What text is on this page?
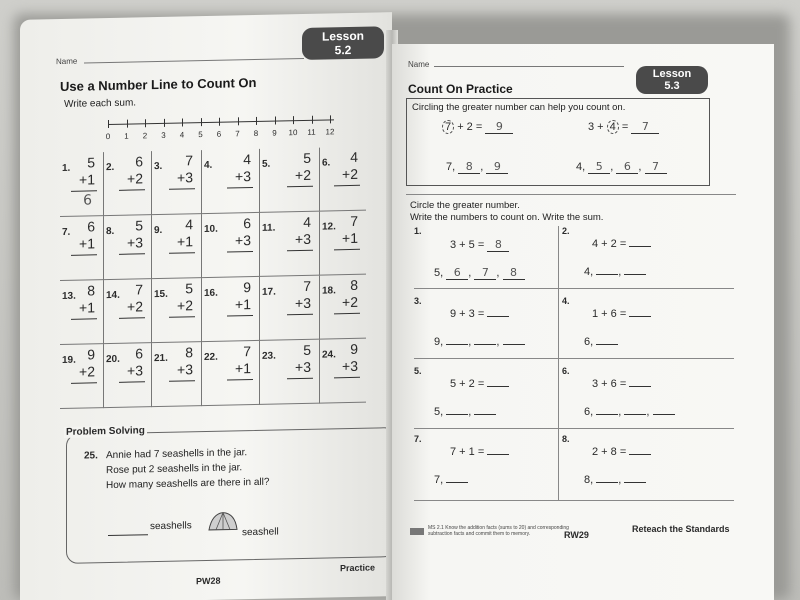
Name
Lesson 5.2
Use a Number Line to Count On
Write each sum.
0	1	2	3	4	5	6	7	8	9	10 11 12
1. 5
+1
6
2. 6
+2
3. 7
+3
4. 4
+3
5. 5
+2
6. 4
+2
7. 6
+1
8. 5
+3
9. 4
+1
10. 6
+3
11. 4
+3
12. 7
+1
13. 8
+1
14. 7
+2
15. 5
+2
16. 9
+1
17. 7
+3
18. 8
+2
19. 9
+2
20. 6
+3
21. 8
+3
22. 7
+1
23. 5
+3
24. 9
+3
Problem Solving
25. Annie had 7 seashells in the jar.
Rose put 2 seashells in the jar.
How many seashells are there in all?
seashells
seashell
PW28
Practice
Name
Lesson 5.3
Count On Practice
Circling the greater number can help you count on.
7 + 2 = 9	3 + 4 = 7
7, 8 , 9	4, 5 , 6 , 7
Circle the greater number.
Write the numbers to count on. Write the sum.
1.
3 + 5 = 8
5, 6 , 7 , 8
2.
4 + 2 =
4, ,
3.
9 + 3 =
9, , ,
4.
1 + 6 =
6,
5.
5 + 2 =
5, ,
6.
3 + 6 =
6, , ,
7.
7 + 1 =
7,
8.
2 + 8 =
8, ,
MS 2.1 Know the addition facts (sums to 20) and corresponding subtraction facts and commit them to memory.	RW29
Reteach the Standards
